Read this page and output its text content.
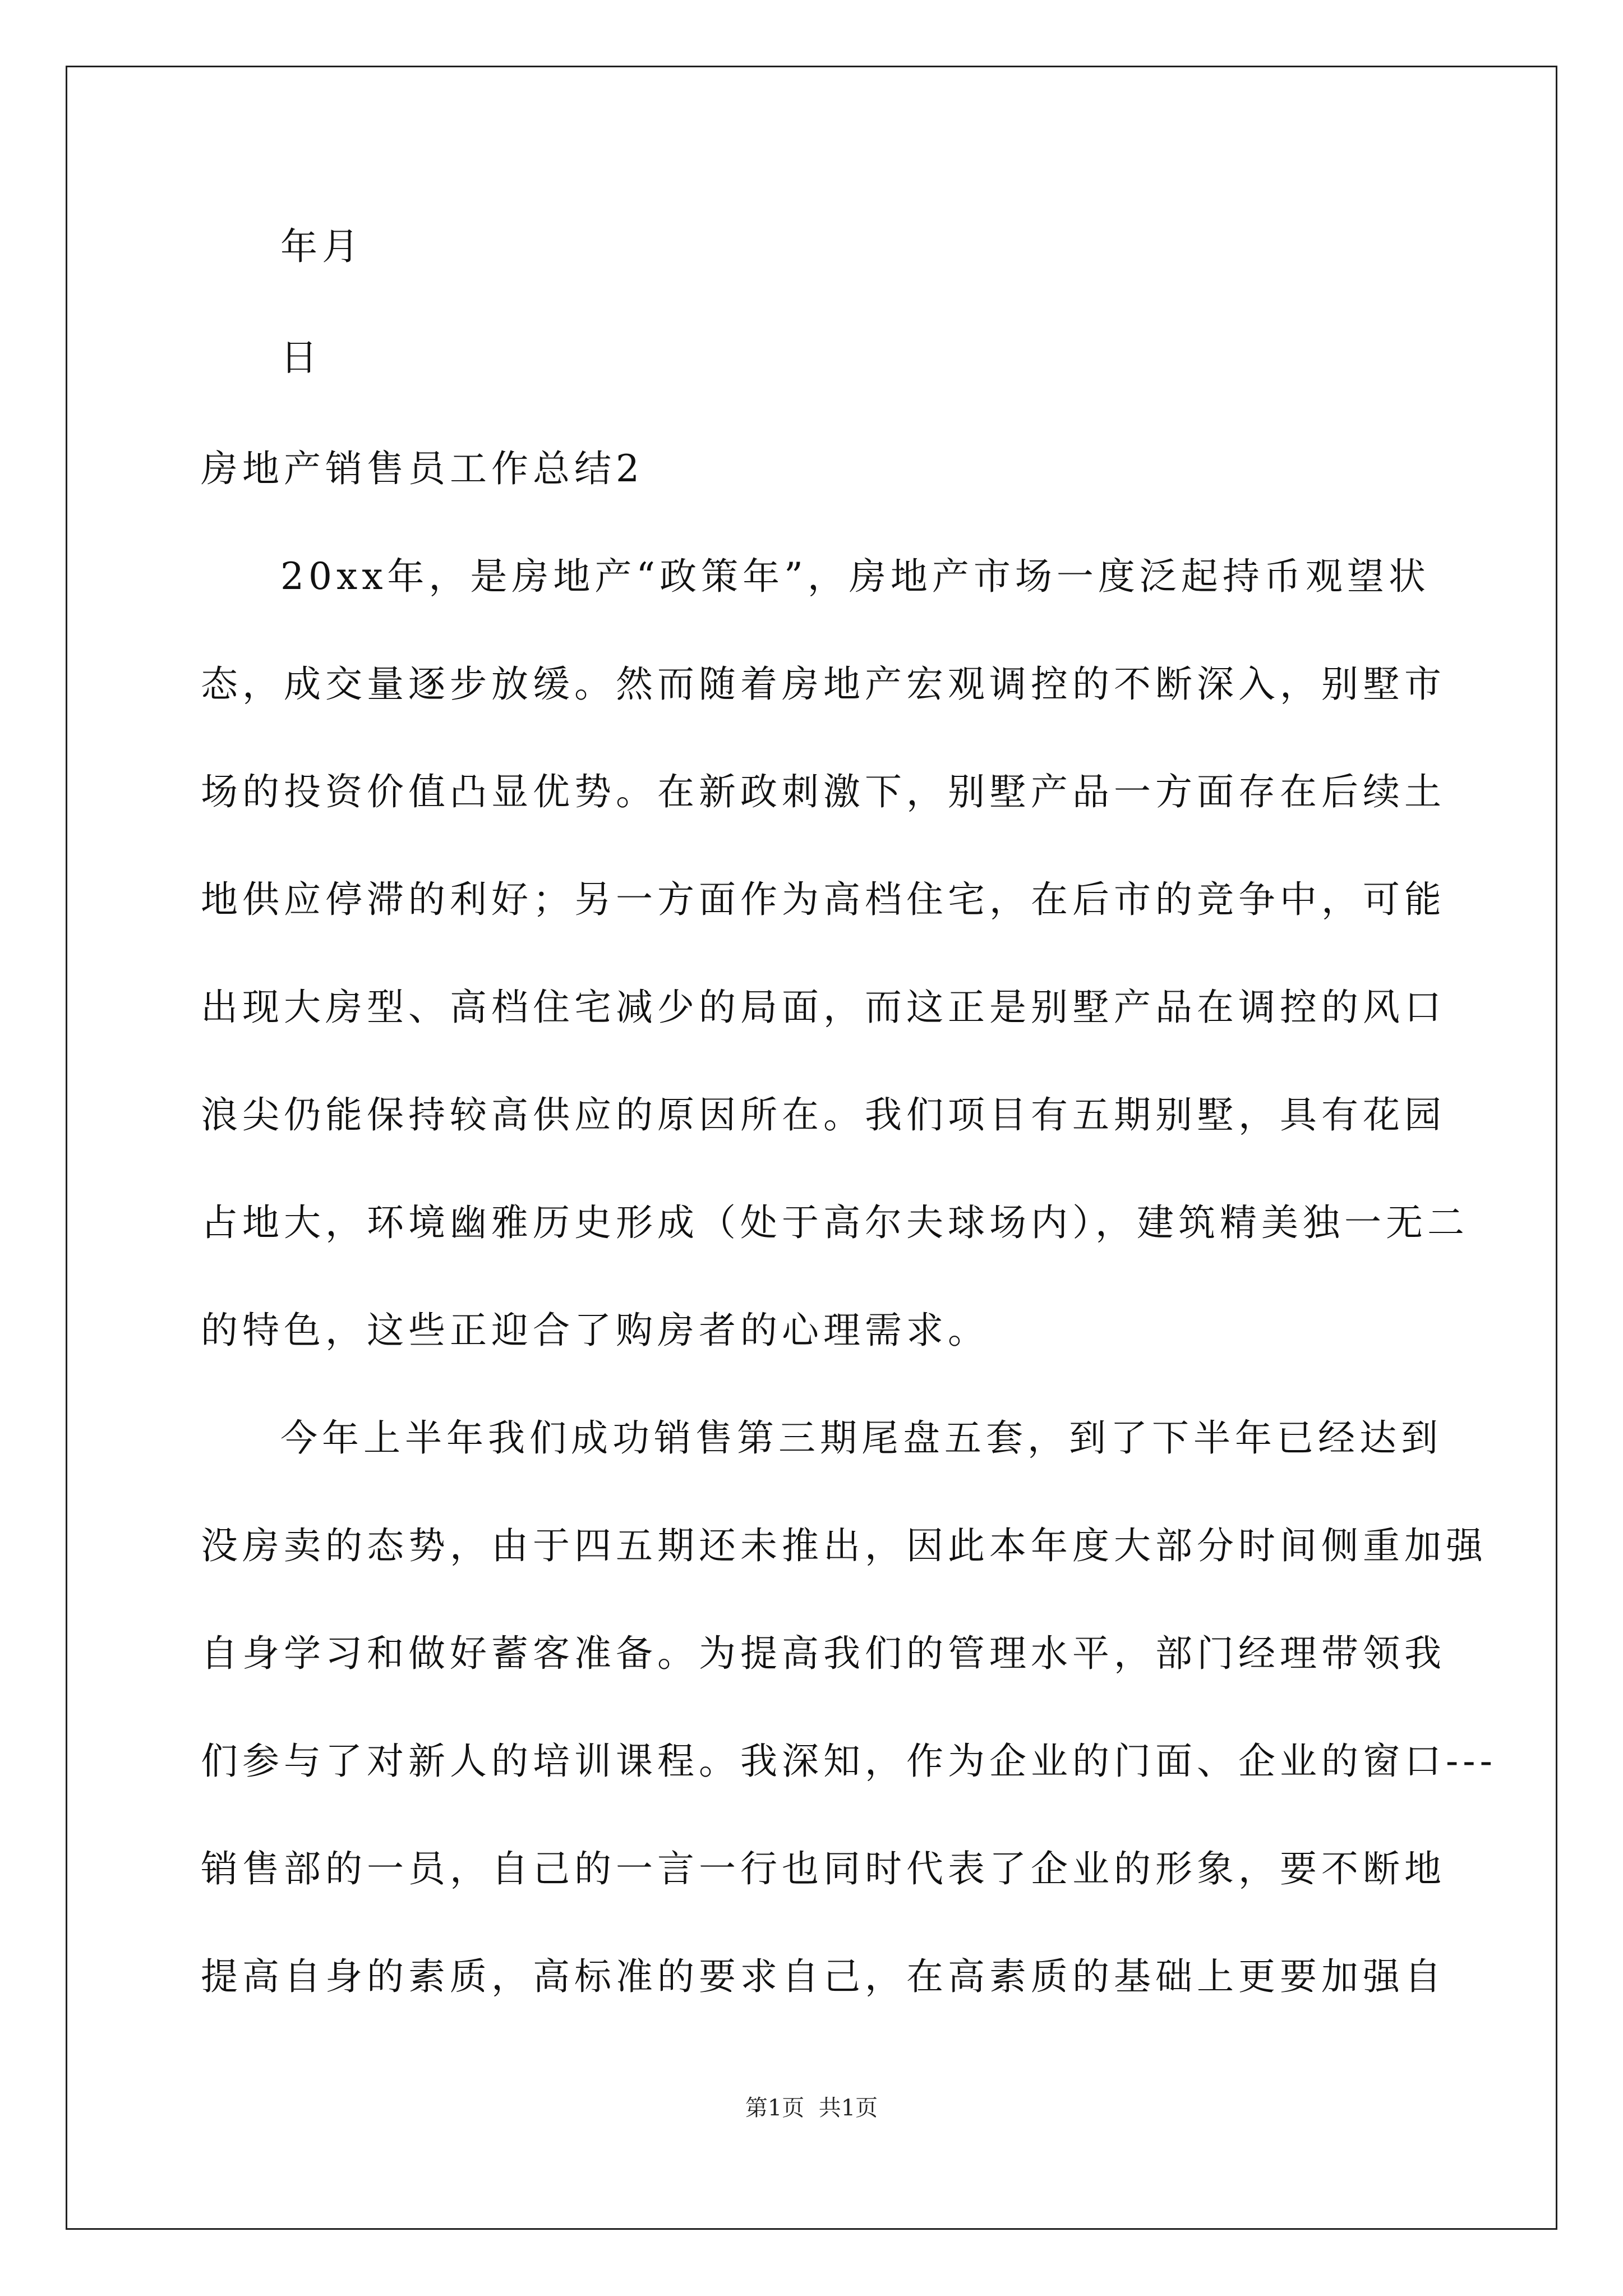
年月
日
房地产销售员工作总结2
20xx年，是房地产“政策年”，房地产市场一度泛起持币观望状
态，成交量逐步放缓。然而随着房地产宏观调控的不断深入，别墅市
场的投资价值凸显优势。在新政刺激下，别墅产品一方面存在后续土
地供应停滞的利好；另一方面作为高档住宅，在后市的竞争中，可能
出现大房型、高档住宅减少的局面，而这正是别墅产品在调控的风口
浪尖仍能保持较高供应的原因所在。我们项目有五期别墅，具有花园
占地大，环境幽雅历史形成（处于高尔夫球场内），建筑精美独一无二
的特色，这些正迎合了购房者的心理需求。
今年上半年我们成功销售第三期尾盘五套，到了下半年已经达到
没房卖的态势，由于四五期还未推出，因此本年度大部分时间侧重加强
自身学习和做好蓄客准备。为提高我们的管理水平，部门经理带领我
们参与了对新人的培训课程。我深知，作为企业的门面、企业的窗口---
销售部的一员，自己的一言一行也同时代表了企业的形象，要不断地
提高自身的素质，高标准的要求自己，在高素质的基础上更要加强自
第1页  共1页
